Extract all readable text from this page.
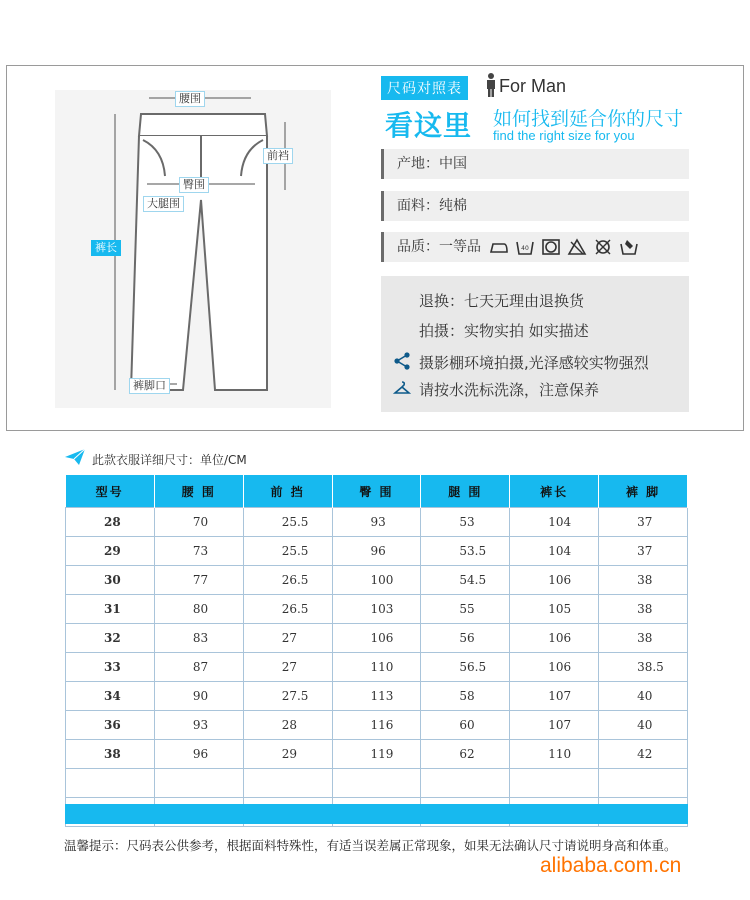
腰围
前裆
臀围
大腿围
裤长
裤脚口
尺码对照表	For Man
看这里 如何找到延合你的尺寸
find the right size for you
产地：中国
面料：纯棉
品质：一等品	40
退换：七天无理由退换货
拍摄：实物实拍 如实描述
摄影棚环境拍摄,光泽感较实物强烈
请按水洗标洗涤，注意保养
此款衣服详细尺寸：单位/CM
型号	腰 围	前 挡	臀 围	腿 围	裤长	裤 脚
28	70	25.5	93	53	104	37
29	73	25.5	96	53.5	104	37
30	77	26.5	100	54.5	106	38
31	80	26.5	103	55	105	38
32	83	27	106	56	106	38
33	87	27	110	56.5	106	38.5
34	90	27.5	113	58	107	40
36	93	28	116	60	107	40
38	96	29	119	62	110	42

温馨提示：尺码表公供参考，根据面料特殊性，有适当误差属正常现象，如果无法确认尺寸请说明身高和体重。
alibaba.com.cn
